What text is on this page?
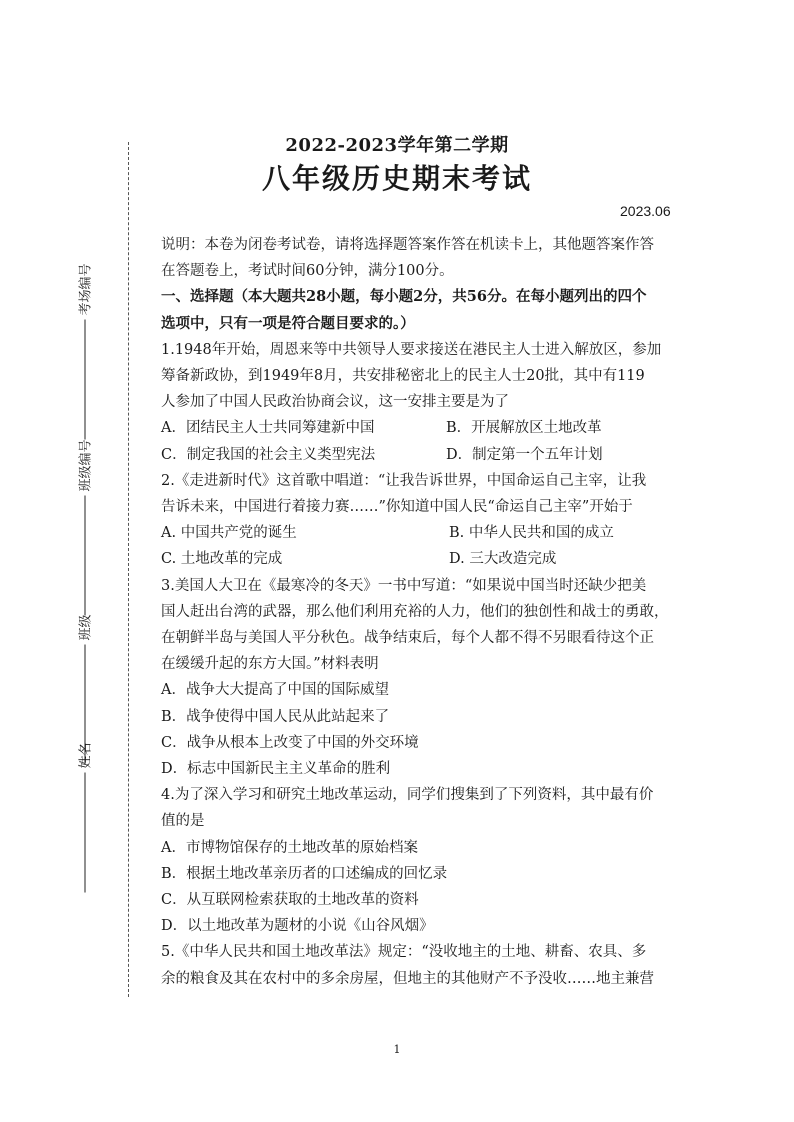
考场编号
班级编号
班级
姓名
2022-2023学年第二学期
八年级历史期末考试
2023.06

说明：本卷为闭卷考试卷，请将选择题答案作答在机读卡上，其他题答案作答

在答题卷上，考试时间60分钟，满分100分。

一、选择题（本大题共28小题，每小题2分，共56分。在每小题列出的四个

选项中，只有一项是符合题目要求的。）

1.1948年开始，周恩来等中共领导人要求接送在港民主人士进入解放区，参加

筹备新政协，到1949年8月，共安排秘密北上的民主人士20批，其中有119

人参加了中国人民政治协商会议，这一安排主要是为了

A．团结民主人士共同筹建新中国	B．开展解放区土地改革
C．制定我国的社会主义类型宪法	D．制定第一个五年计划

2.《走进新时代》这首歌中唱道：“让我告诉世界，中国命运自己主宰，让我

告诉未来，中国进行着接力赛……”你知道中国人民“命运自己主宰”开始于

A. 中国共产党的诞生	B. 中华人民共和国的成立
C. 土地改革的完成	D. 三大改造完成

3.美国人大卫在《最寒冷的冬天》一书中写道：“如果说中国当时还缺少把美

国人赶出台湾的武器，那么他们利用充裕的人力，他们的独创性和战士的勇敢，

在朝鲜半岛与美国人平分秋色。战争结束后，每个人都不得不另眼看待这个正

在缓缓升起的东方大国。”材料表明

A．战争大大提高了中国的国际威望

B．战争使得中国人民从此站起来了

C．战争从根本上改变了中国的外交环境

D．标志中国新民主主义革命的胜利

4.为了深入学习和研究土地改革运动，同学们搜集到了下列资料，其中最有价

值的是

A．市博物馆保存的土地改革的原始档案

B．根据土地改革亲历者的口述编成的回忆录

C．从互联网检索获取的土地改革的资料

D．以土地改革为题材的小说《山谷风烟》

5.《中华人民共和国土地改革法》规定：“没收地主的土地、耕畜、农具、多

余的粮食及其在农村中的多余房屋，但地主的其他财产不予没收……地主兼营

1
